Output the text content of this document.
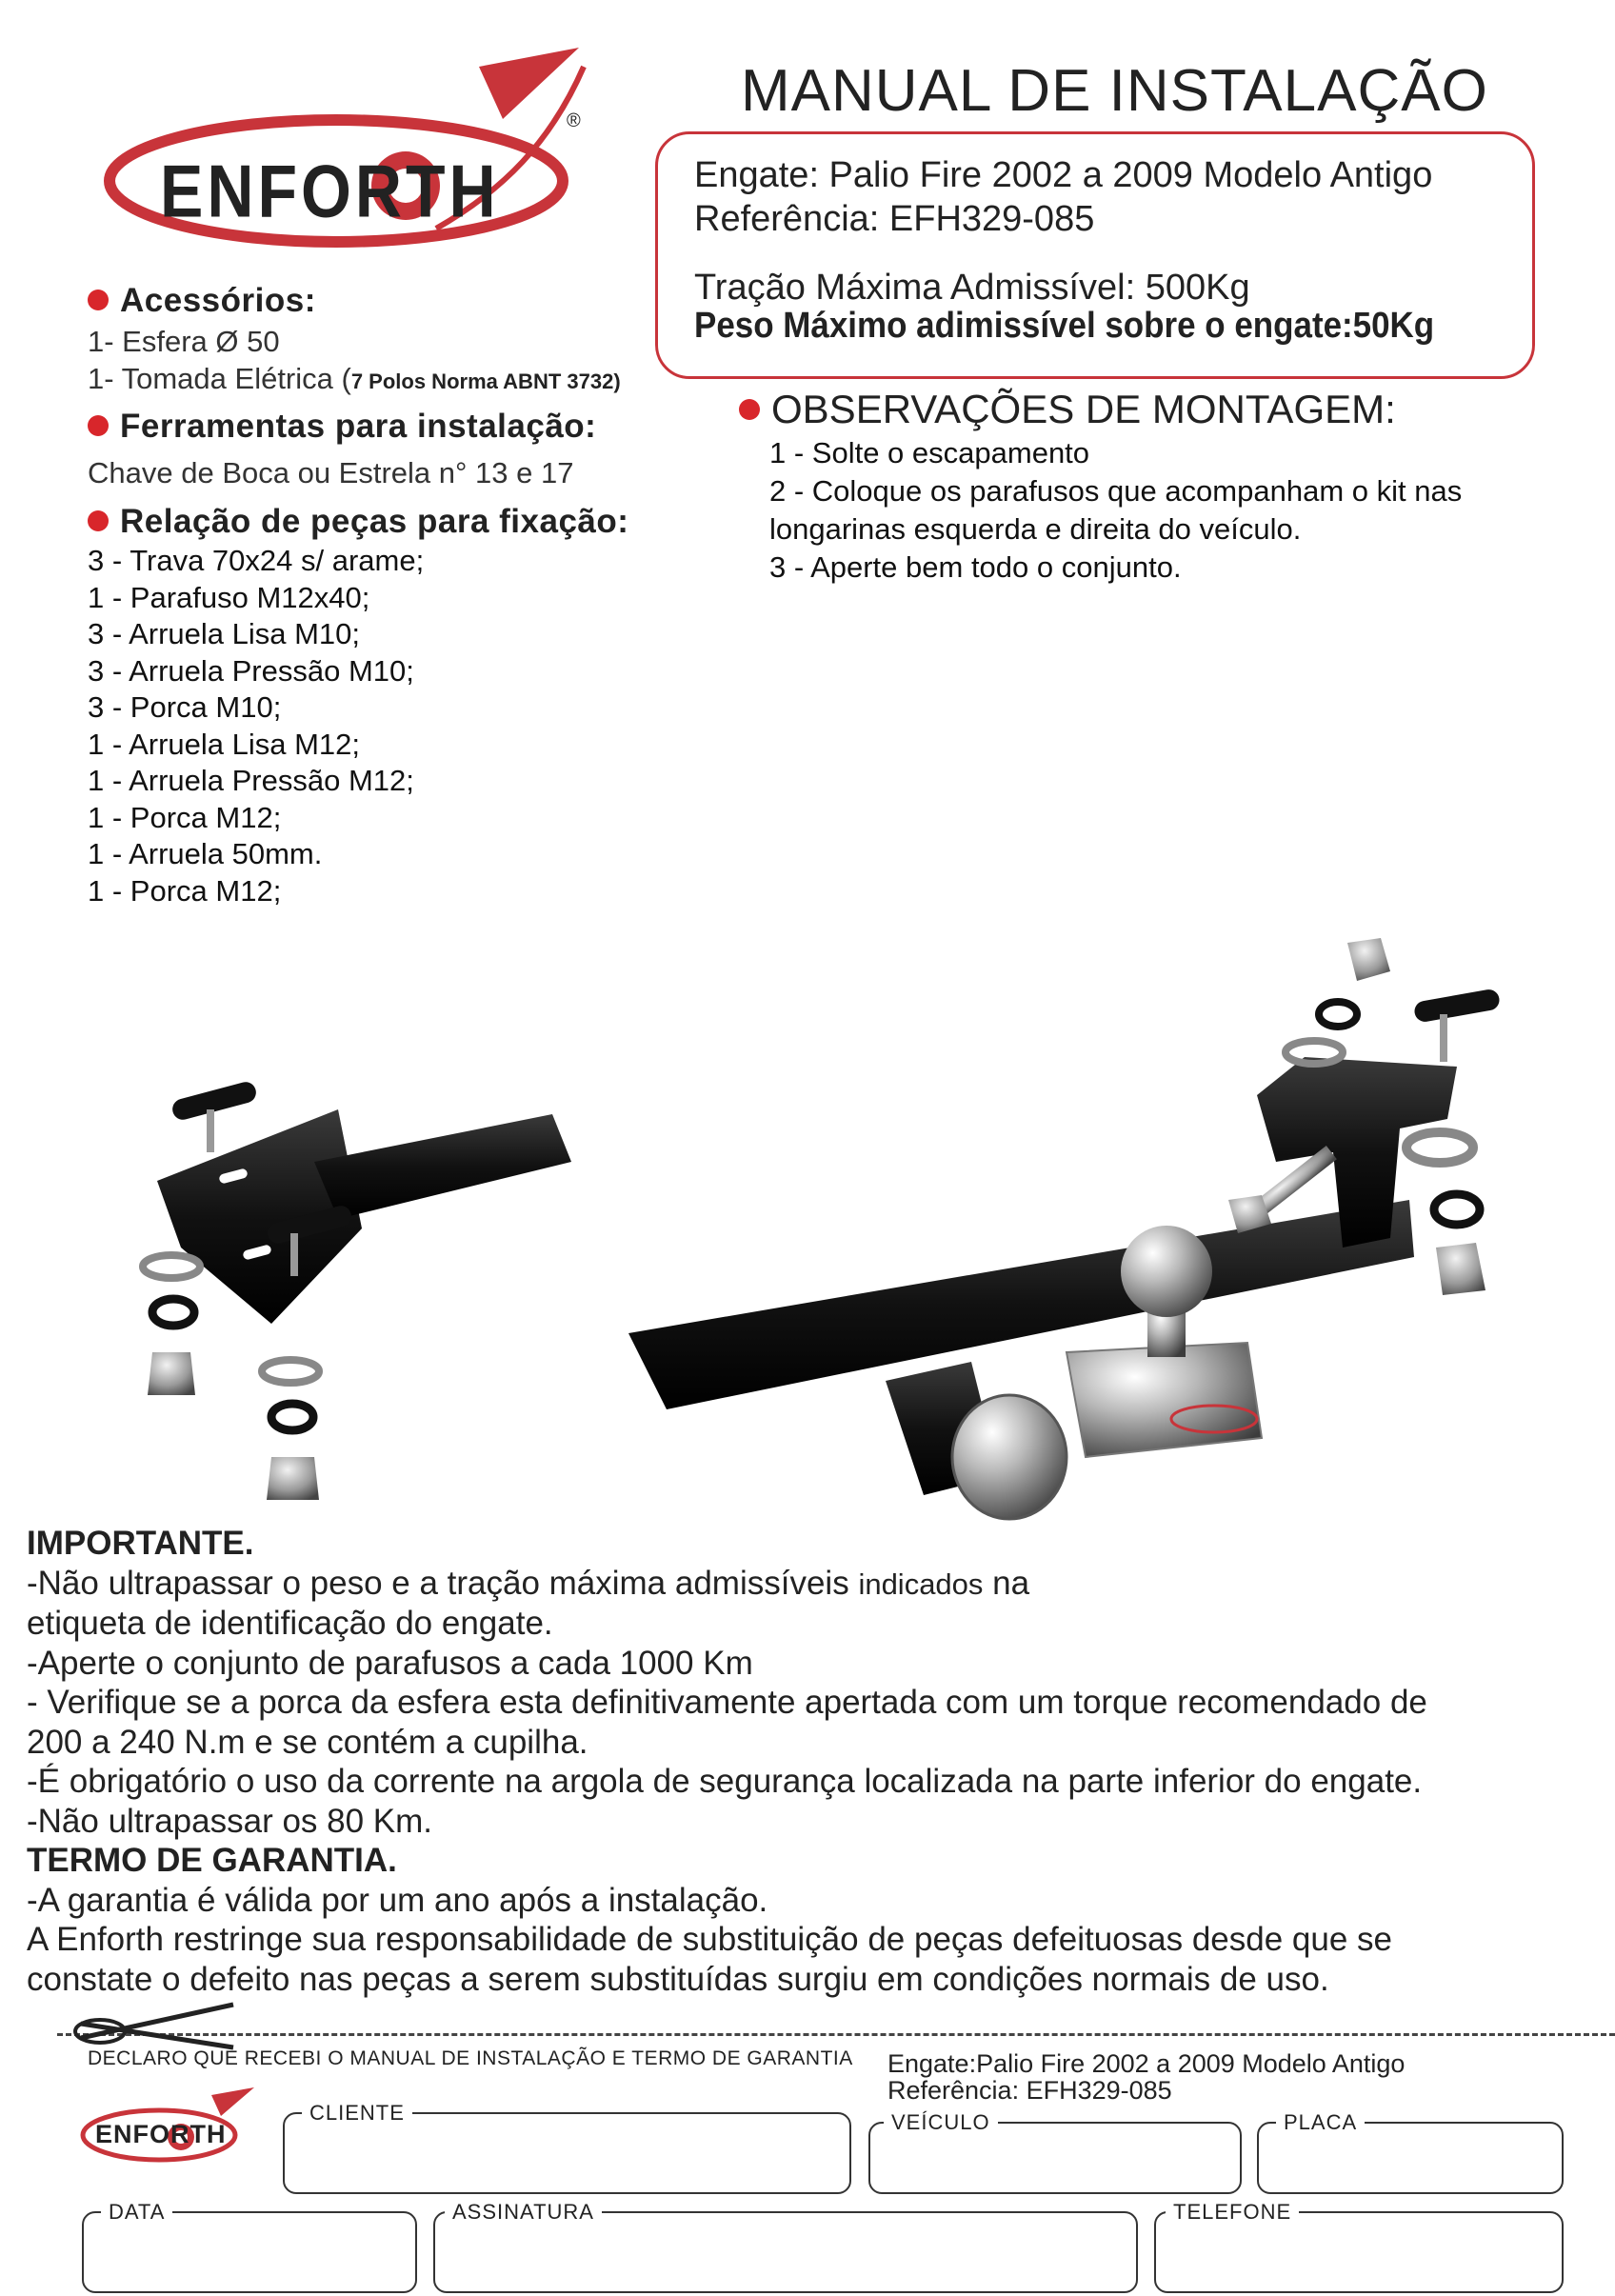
ENFORTH
®	MANUAL DE INSTALAÇÃO
Engate: Palio Fire 2002 a 2009 Modelo Antigo
Referência: EFH329-085
Tração Máxima Admissível: 500Kg
Peso Máximo adimissível sobre o engate:50Kg
Acessórios:
1- Esfera Ø 50
1- Tomada Elétrica (7 Polos Norma ABNT 3732)
Ferramentas para instalação:
Chave de Boca ou Estrela n° 13 e 17
Relação de peças para fixação:
3 - Trava 70x24 s/ arame;
1 - Parafuso M12x40;
3 - Arruela Lisa M10;
3 - Arruela Pressão M10;
3 - Porca M10;
1 - Arruela Lisa M12;
1 - Arruela Pressão M12;
1 - Porca M12;
1 - Arruela 50mm.
1 - Porca M12;
OBSERVAÇÕES DE MONTAGEM:
1 - Solte o escapamento
2 - Coloque os parafusos que acompanham o kit nas
longarinas esquerda e direita do veículo.
3 - Aperte bem todo o conjunto.

IMPORTANTE.

-Não ultrapassar o peso e a tração máxima admissíveis indicados na

etiqueta de identificação do engate.

-Aperte o conjunto de parafusos a cada 1000 Km

- Verifique se a porca da esfera esta definitivamente apertada com um torque recomendado de

200 a 240 N.m e se contém a cupilha.

-É obrigatório o uso da corrente na argola de segurança localizada na parte inferior do engate.

-Não ultrapassar os 80 Km.

TERMO DE GARANTIA.

-A garantia é válida por um ano após a instalação.

A Enforth restringe sua responsabilidade de substituição de peças defeituosas desde que se

constate o defeito nas peças a serem substituídas surgiu em condições normais de uso.

DECLARO QUE RECEBI O MANUAL DE INSTALAÇÃO E TERMO DE GARANTIA Engate:Palio Fire 2002 a 2009 Modelo Antigo
Referência: EFH329-085
ENFORTH
CLIENTE	VEÍCULO	PLACA
DATA	ASSINATURA	TELEFONE
